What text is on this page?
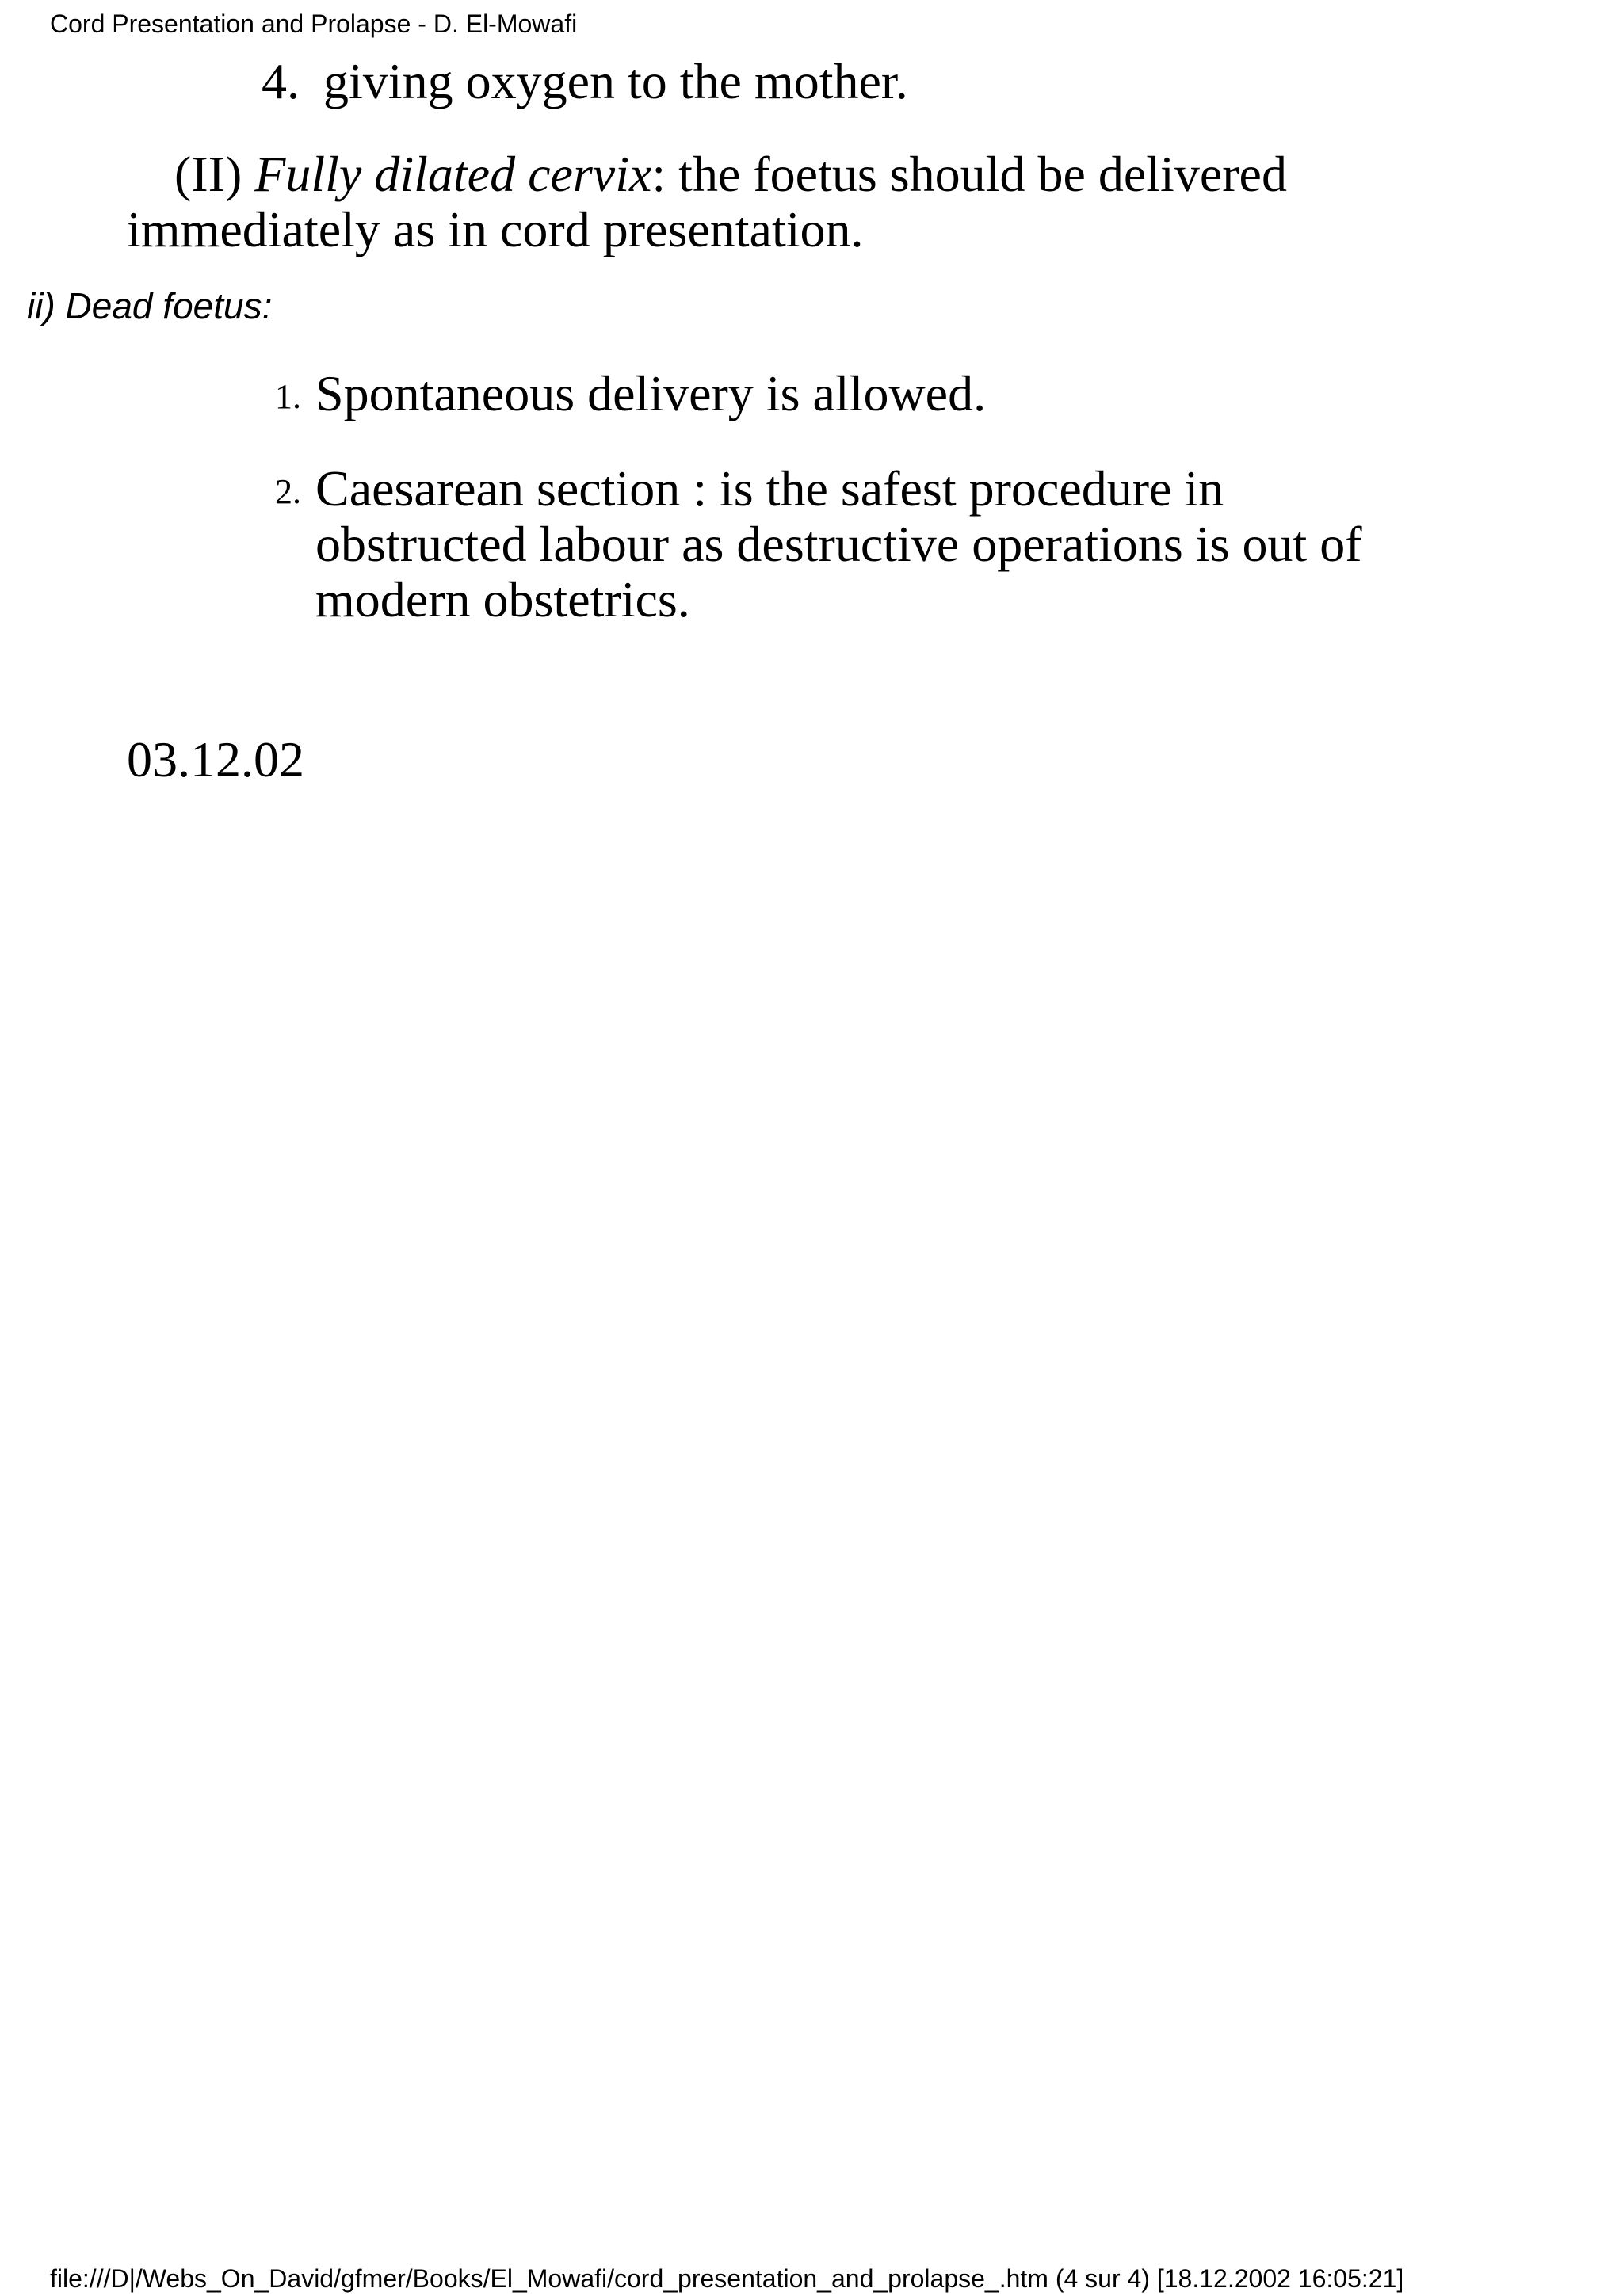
Cord Presentation and Prolapse - D. El-Mowafi
4. giving oxygen to the mother.
(II) Fully dilated cervix: the foetus should be delivered
immediately as in cord presentation.
ii) Dead foetus:
1. Spontaneous delivery is allowed.
2. Caesarean section : is the safest procedure in
obstructed labour as destructive operations is out of
modern obstetrics.
03.12.02
file:///D|/Webs_On_David/gfmer/Books/El_Mowafi/cord_presentation_and_prolapse_.htm (4 sur 4) [18.12.2002 16:05:21]
